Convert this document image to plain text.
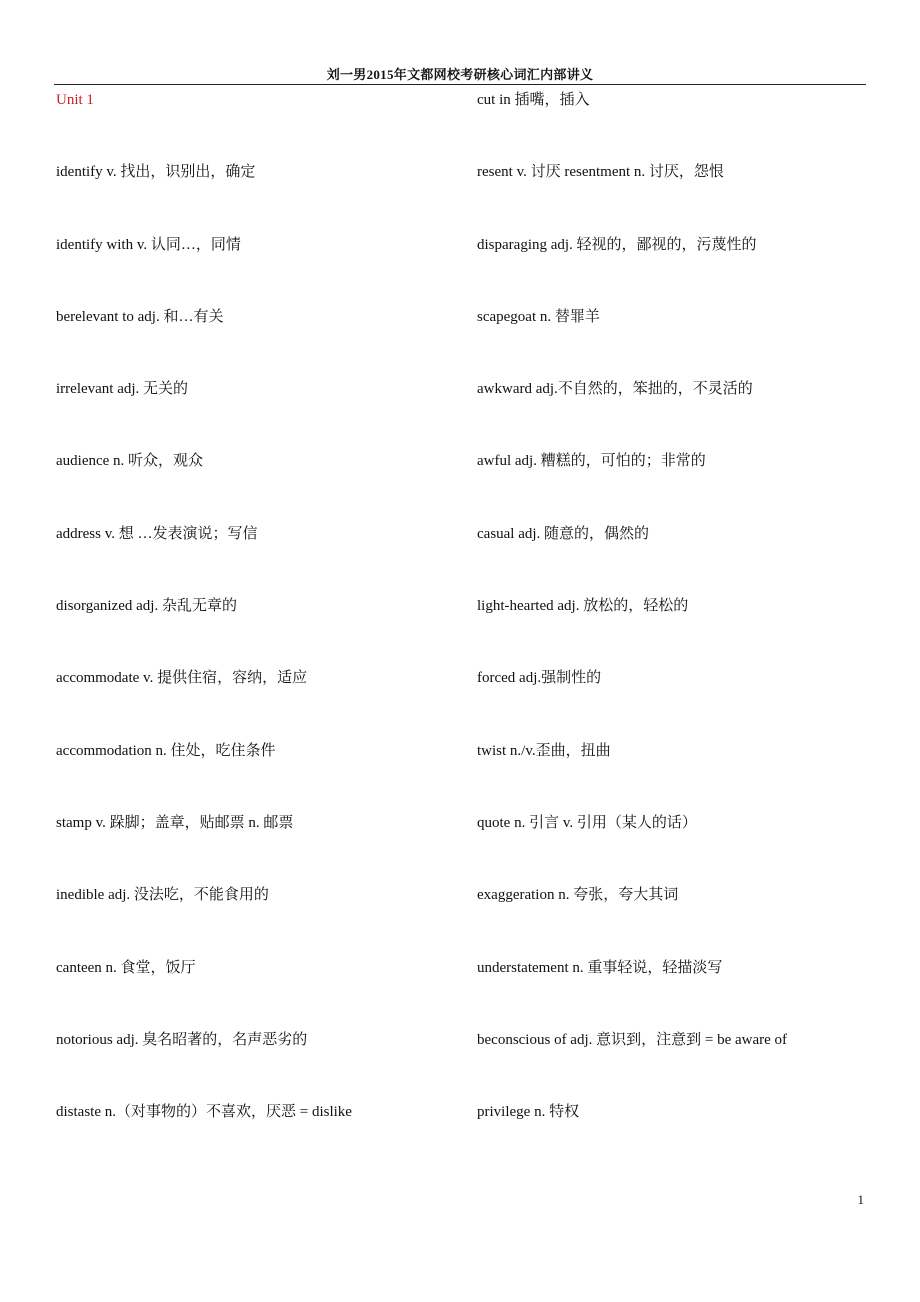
刘一男2015年文都网校考研核心词汇内部讲义
Unit 1
identify v. 找出，识别出，确定
identify with v. 认同…，同情
berelevant to adj. 和…有关
irrelevant adj. 无关的
audience n. 听众，观众
address v. 想 …发表演说；写信
disorganized adj. 杂乱无章的
accommodate v. 提供住宿，容纳，适应
accommodation n. 住处，吃住条件
stamp v. 跺脚；盖章，贴邮票 n. 邮票
inedible adj. 没法吃，不能食用的
canteen n. 食堂，饭厅
notorious adj. 臭名昭著的，名声恶劣的
distaste n.（对事物的）不喜欢，厌恶 = dislike
cut in 插嘴，插入
resent v. 讨厌 resentment n. 讨厌，怨恨
disparaging adj. 轻视的，鄙视的，污蔑性的
scapegoat n. 替罪羊
awkward adj.不自然的，笨拙的，不灵活的
awful adj. 糟糕的，可怕的；非常的
casual adj. 随意的，偶然的
light-hearted adj. 放松的，轻松的
forced adj.强制性的
twist n./v.歪曲，扭曲
quote n. 引言 v. 引用（某人的话）
exaggeration n. 夸张，夸大其词
understatement n. 重事轻说，轻描淡写
beconscious of adj. 意识到，注意到 = be aware of
privilege n. 特权
1
